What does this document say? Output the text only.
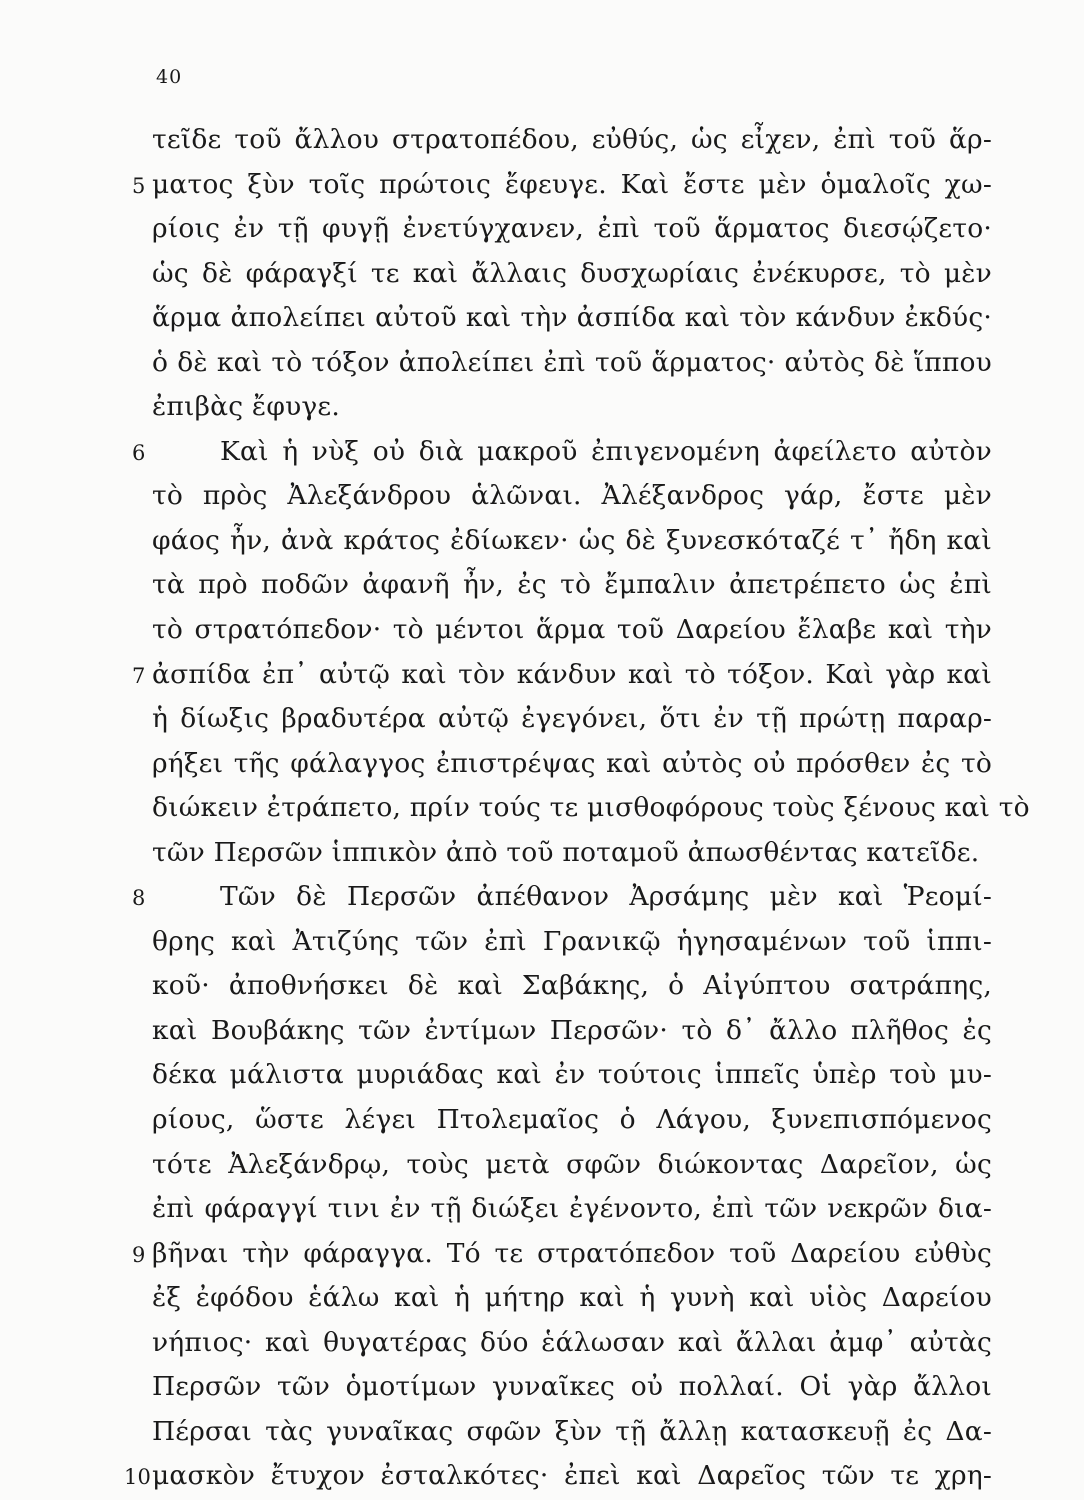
40
τεῖδε τοῦ ἄλλου στρατοπέδου, εὐθύς, ὡς εἶχεν, ἐπὶ τοῦ ἅρ-
5 ματος ξὺν τοῖς πρώτοις ἔφευγε. Καὶ ἔστε μὲν ὁμαλοῖς χω-
ρίοις ἐν τῇ φυγῇ ἐνετύγχανεν, ἐπὶ τοῦ ἅρματος διεσῴζετο·
ὡς δὲ φάραγξί τε καὶ ἄλλαις δυσχωρίαις ἐνέκυρσε, τὸ μὲν
ἅρμα ἀπολείπει αὐτοῦ καὶ τὴν ἀσπίδα καὶ τὸν κάνδυν ἐκδύς·
ὁ δὲ καὶ τὸ τόξον ἀπολείπει ἐπὶ τοῦ ἅρματος· αὐτὸς δὲ ἵππου
ἐπιβὰς ἔφυγε.
6	Καὶ ἡ νὺξ οὐ διὰ μακροῦ ἐπιγενομένη ἀφείλετο αὐτὸν
τὸ πρὸς Ἀλεξάνδρου ἁλῶναι. Ἀλέξανδρος γάρ, ἔστε μὲν
φάος ἦν, ἀνὰ κράτος ἐδίωκεν· ὡς δὲ ξυνεσκόταζέ τ᾽ ἤδη καὶ
τὰ πρὸ ποδῶν ἀφανῆ ἦν, ἐς τὸ ἔμπαλιν ἀπετρέπετο ὡς ἐπὶ
τὸ στρατόπεδον· τὸ μέντοι ἅρμα τοῦ Δαρείου ἔλαβε καὶ τὴν
7 ἀσπίδα ἐπ᾽ αὐτῷ καὶ τὸν κάνδυν καὶ τὸ τόξον. Καὶ γὰρ καὶ
ἡ δίωξις βραδυτέρα αὐτῷ ἐγεγόνει, ὅτι ἐν τῇ πρώτῃ παραρ-
ρήξει τῆς φάλαγγος ἐπιστρέψας καὶ αὐτὸς οὐ πρόσθεν ἐς τὸ
διώκειν ἐτράπετο, πρίν τούς τε μισθοφόρους τοὺς ξένους καὶ τὸ
τῶν Περσῶν ἱππικὸν ἀπὸ τοῦ ποταμοῦ ἀπωσθέντας κατεῖδε.
8	Τῶν δὲ Περσῶν ἀπέθανον Ἀρσάμης μὲν καὶ Ῥεομί-
θρης καὶ Ἀτιζύης τῶν ἐπὶ Γρανικῷ ἡγησαμένων τοῦ ἱππι-
κοῦ· ἀποθνήσκει δὲ καὶ Σαβάκης, ὁ Αἰγύπτου σατράπης,
καὶ Βουβάκης τῶν ἐντίμων Περσῶν· τὸ δ᾽ ἄλλο πλῆθος ἐς
δέκα μάλιστα μυριάδας καὶ ἐν τούτοις ἱππεῖς ὑπὲρ τοὺ μυ-
ρίους, ὥστε λέγει Πτολεμαῖος ὁ Λάγου, ξυνεπισπόμενος
τότε Ἀλεξάνδρῳ, τοὺς μετὰ σφῶν διώκοντας Δαρεῖον, ὡς
ἐπὶ φάραγγί τινι ἐν τῇ διώξει ἐγένοντο, ἐπὶ τῶν νεκρῶν δια-
9 βῆναι τὴν φάραγγα. Τό τε στρατόπεδον τοῦ Δαρείου εὐθὺς
ἐξ ἐφόδου ἑάλω καὶ ἡ μήτηρ καὶ ἡ γυνὴ καὶ υἱὸς Δαρείου
νήπιος· καὶ θυγατέρας δύο ἑάλωσαν καὶ ἄλλαι ἀμφ᾽ αὐτὰς
Περσῶν τῶν ὁμοτίμων γυναῖκες οὐ πολλαί. Οἱ γὰρ ἄλλοι
Πέρσαι τὰς γυναῖκας σφῶν ξὺν τῇ ἄλλῃ κατασκευῇ ἐς Δα-
10 μασκὸν ἔτυχον ἐσταλκότες· ἐπεὶ καὶ Δαρεῖος τῶν τε χρη-
